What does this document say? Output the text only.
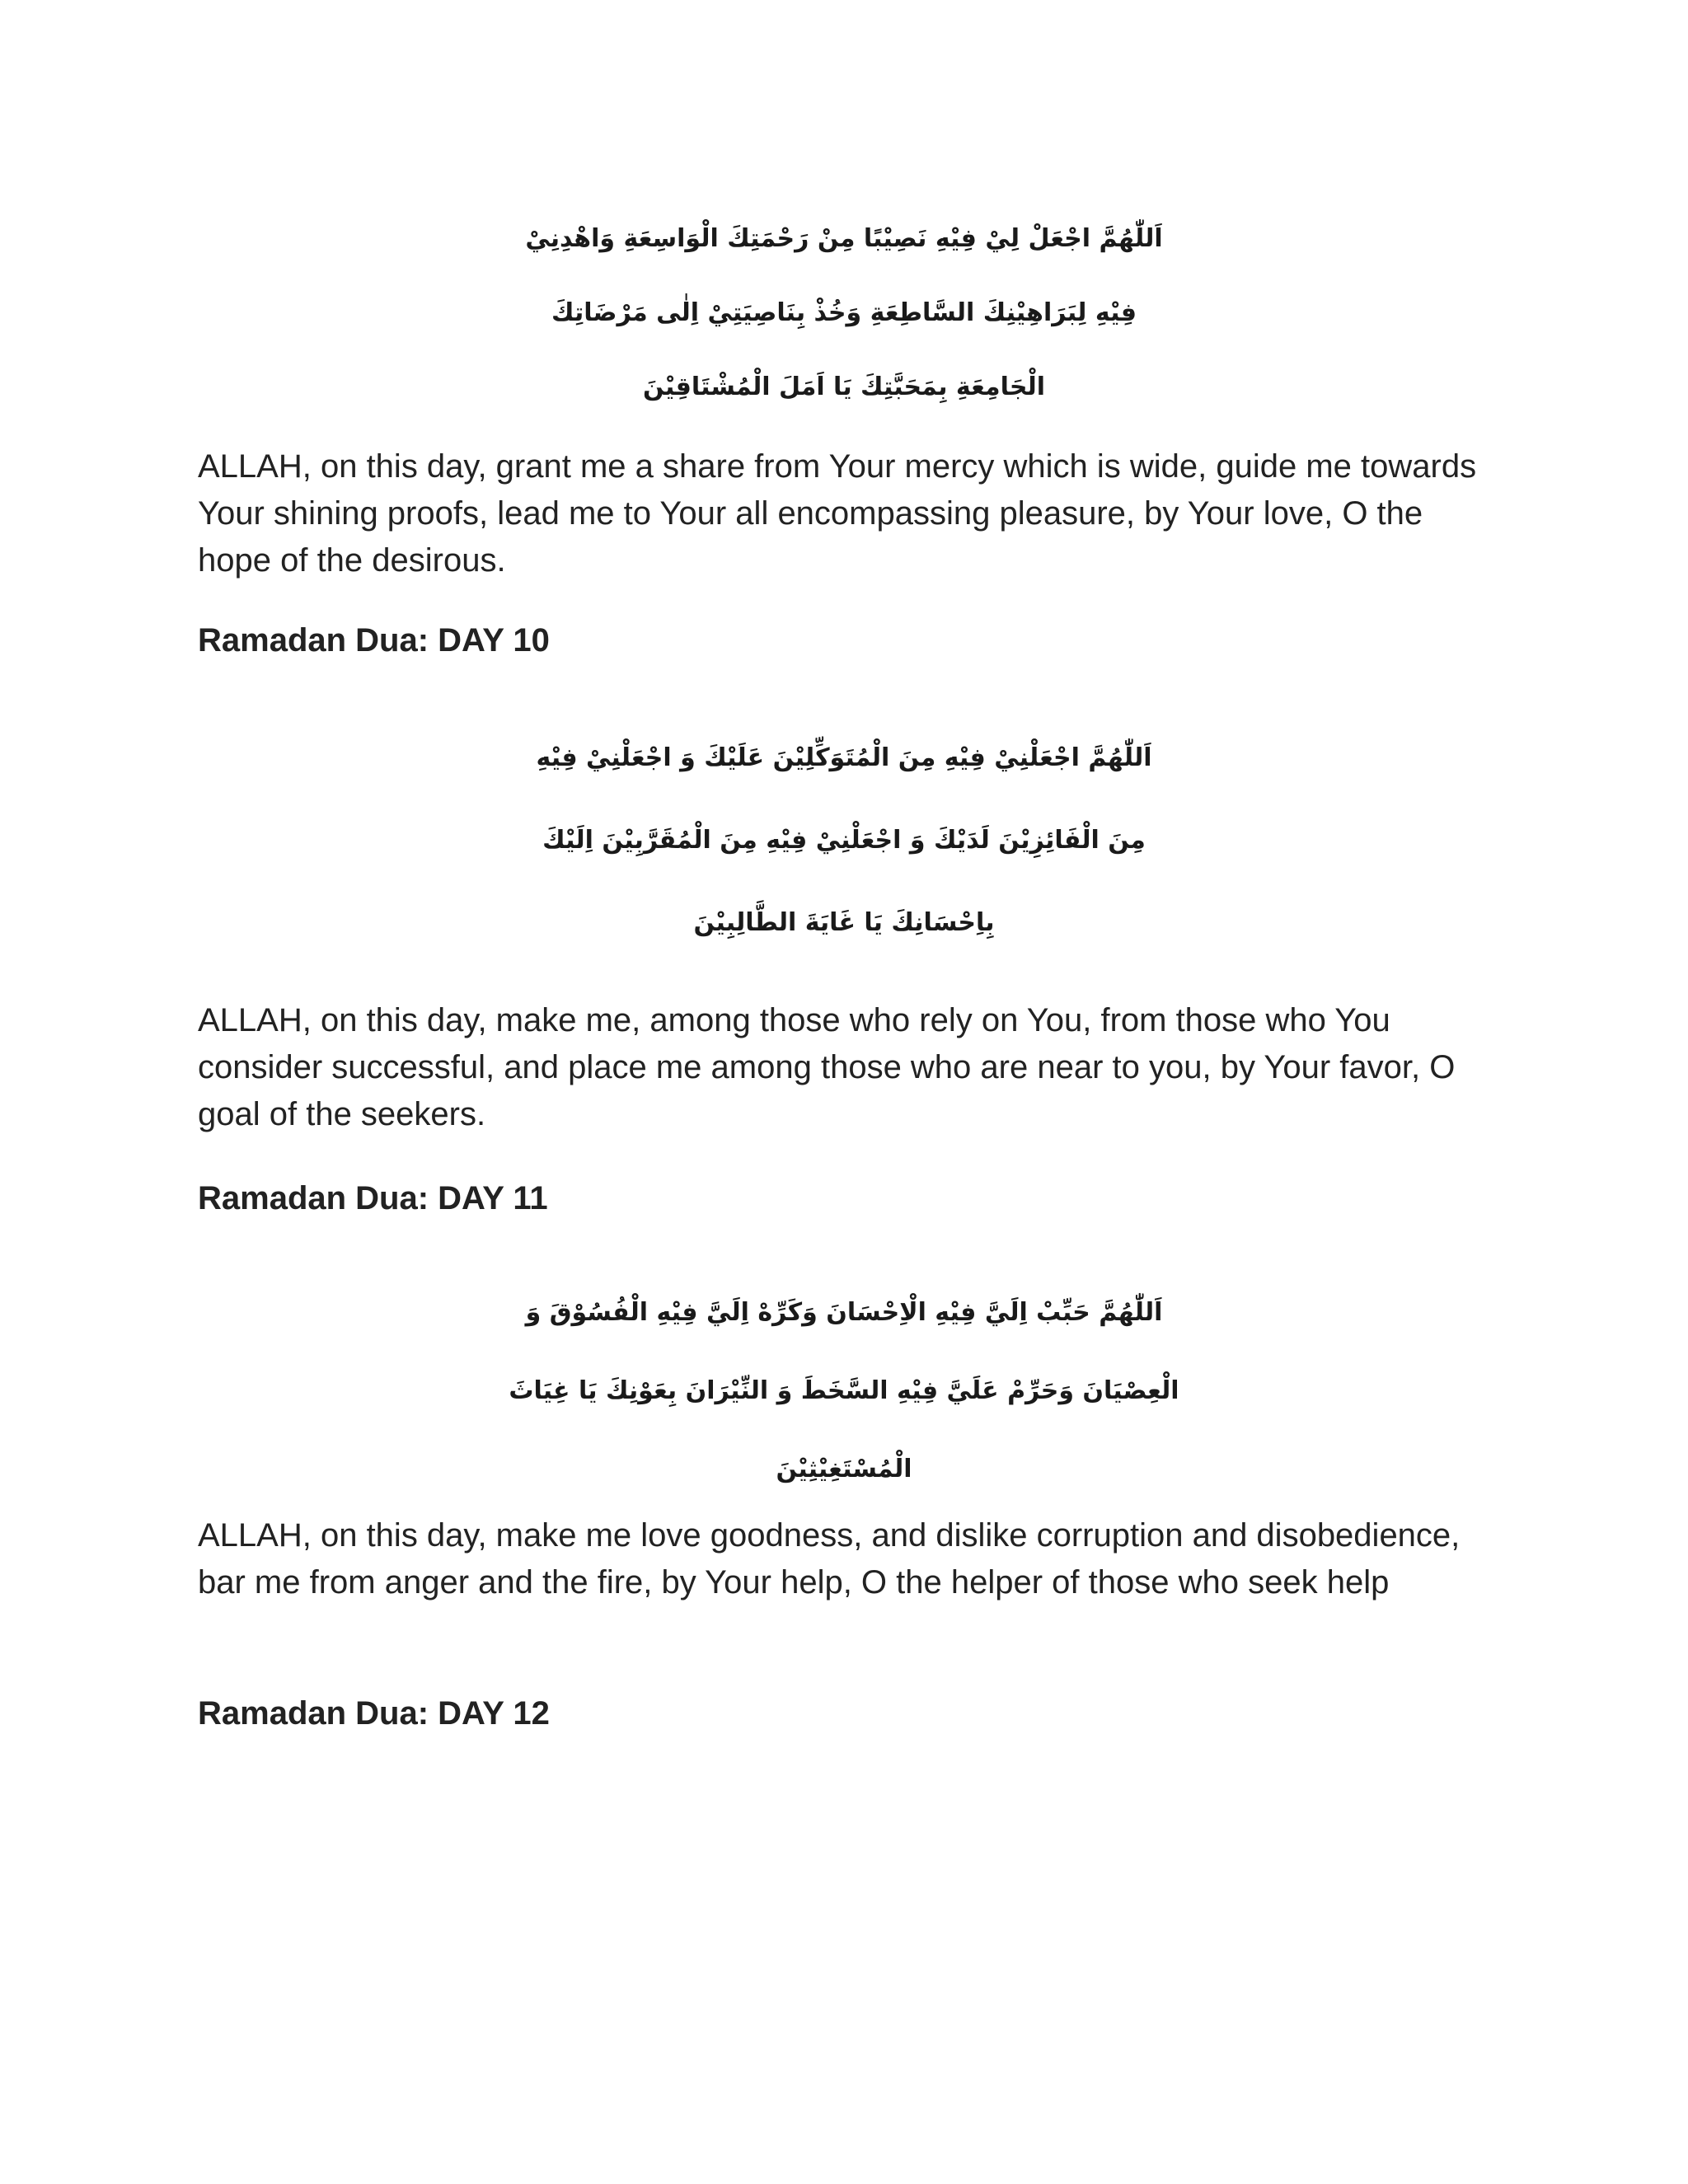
اَللّٰهُمَّ اجْعَلْ لِيْ فِيْهِ نَصِيْبًا مِنْ رَحْمَتِكَ الْوَاسِعَةِ وَاهْدِنِيْ
فِيْهِ لِبَرَاهِيْنِكَ السَّاطِعَةِ وَخُذْ بِنَاصِيَتِيْ اِلٰى مَرْضَاتِكَ
الْجَامِعَةِ بِمَحَبَّتِكَ يَا اَمَلَ الْمُشْتَاقِيْنَ

ALLAH, on this day, grant me a share from Your mercy which is wide, guide me towards Your shining proofs, lead me to Your all encompassing pleasure, by Your love, O the hope of the desirous.

Ramadan Dua: DAY 10

اَللّٰهُمَّ اجْعَلْنِيْ فِيْهِ مِنَ الْمُتَوَكِّلِيْنَ عَلَيْكَ وَ اجْعَلْنِيْ فِيْهِ
مِنَ الْفَائِزِيْنَ لَدَيْكَ وَ اجْعَلْنِيْ فِيْهِ مِنَ الْمُقَرَّبِيْنَ اِلَيْكَ
بِاِحْسَانِكَ يَا غَايَةَ الطَّالِبِيْنَ

ALLAH, on this day, make me, among those who rely on You, from those who You consider successful, and place me among those who are near to you, by Your favor, O goal of the seekers.

Ramadan Dua: DAY 11

اَللّٰهُمَّ حَبِّبْ اِلَيَّ فِيْهِ الْاِحْسَانَ وَكَرِّهْ اِلَيَّ فِيْهِ الْفُسُوْقَ وَ
الْعِصْيَانَ وَحَرِّمْ عَلَيَّ فِيْهِ السَّخَطَ وَ النِّيْرَانَ بِعَوْنِكَ يَا غِيَاثَ
الْمُسْتَغِيْثِيْنَ

ALLAH, on this day, make me love goodness, and dislike corruption and disobedience, bar me from anger and the fire, by Your help, O the helper of those who seek help

Ramadan Dua: DAY 12
